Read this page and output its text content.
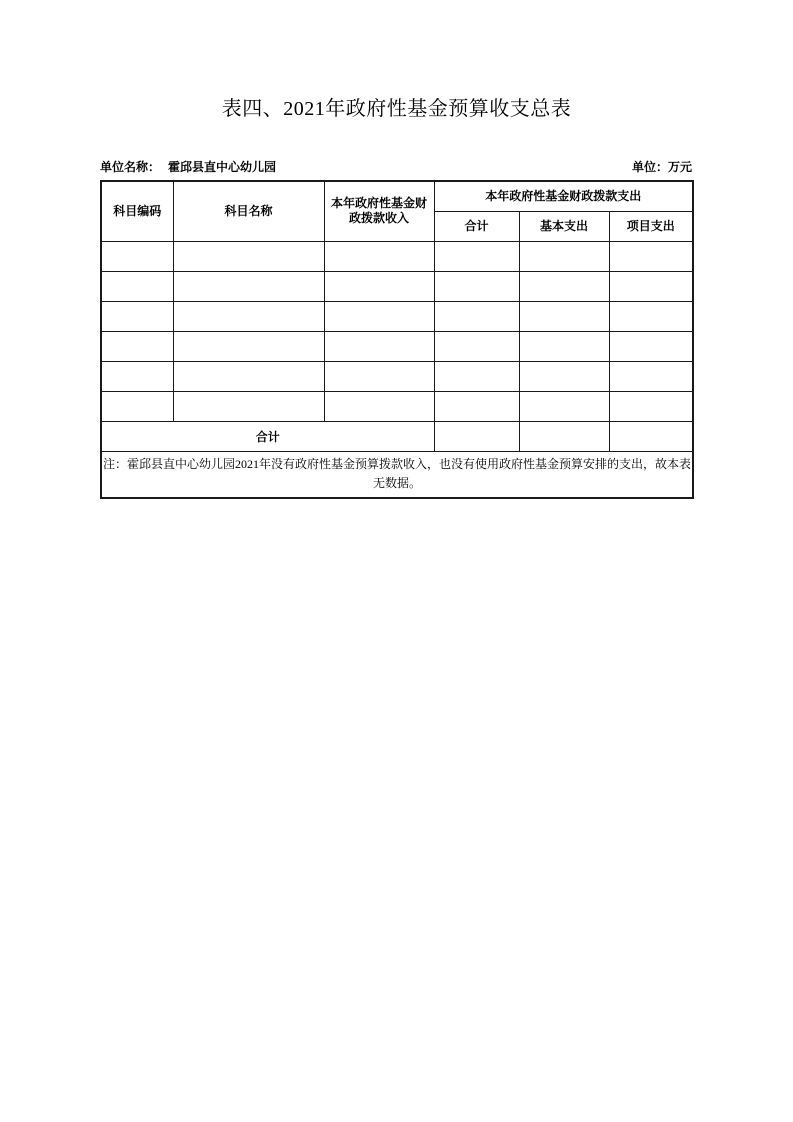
表四、2021年政府性基金预算收支总表
单位名称： 霍邱县直中心幼儿园	单位：万元
科目编码	科目名称	本年政府性基金财政拨款收入	本年政府性基金财政拨款支出		
			合计	基本支出	项目支出

合计					
注：霍邱县直中心幼儿园2021年没有政府性基金预算拨款收入，也没有使用政府性基金预算安排的支出，故本表无数据。					
